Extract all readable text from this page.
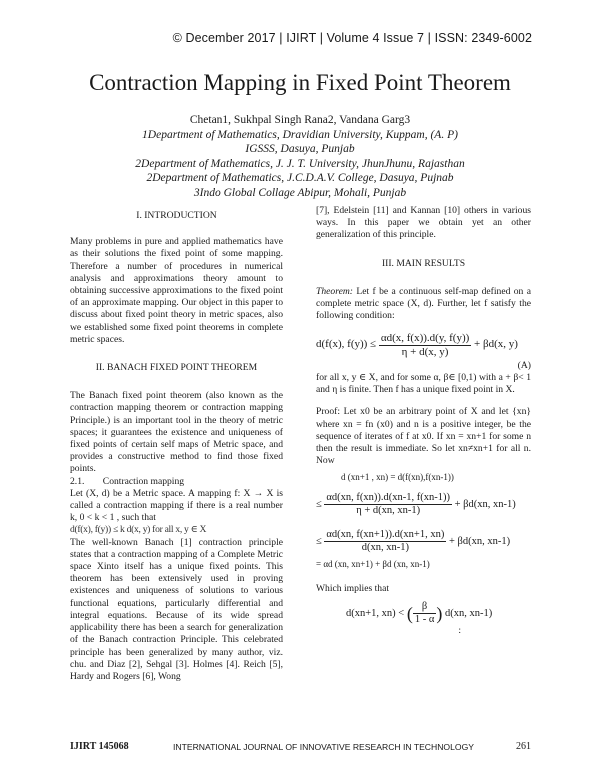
© December 2017 | IJIRT | Volume 4 Issue 7 | ISSN: 2349-6002
Contraction Mapping in Fixed Point Theorem
Chetan1, Sukhpal Singh Rana2, Vandana Garg3
1Department of Mathematics, Dravidian University, Kuppam, (A. P)
IGSSS, Dasuya, Punjab
2Department of Mathematics, J. J. T. University, JhunJhunu, Rajasthan
2Department of Mathematics, J.C.D.A.V. College, Dasuya, Pujnab
3Indo Global Collage Abipur, Mohali, Punjab

I. INTRODUCTION

Many problems in pure and applied mathematics have as their solutions the fixed point of some mapping. Therefore a number of procedures in numerical analysis and approximations theory amount to obtaining successive approximations to the fixed point of an approximate mapping. Our object in this paper to discuss about fixed point theory in metric spaces, also we established some fixed point theorems in complete metric spaces.

II. BANACH FIXED POINT THEOREM

The Banach fixed point theorem (also known as the contraction mapping theorem or contraction mapping Principle.) is an important tool in the theory of metric spaces; it guarantees the existence and uniqueness of fixed points of certain self maps of Metric space, and provides a constructive method to find those fixed points.

2.1. Contraction mapping

Let (X, d) be a Metric space. A mapping f: X → X is called a contraction mapping if there is a real number k, 0 < k < 1 , such that

d(f(x), f(y)) ≤ k d(x, y) for all x, y ∈ X

The well-known Banach [1] contraction principle states that a contraction mapping of a Complete Metric space Xinto itself has a unique fixed points. This theorem has been extensively used in proving existences and uniqueness of solutions to various functional equations, particularly differential and integral equations. Because of its wide spread applicability there has been a search for generalization of the Banach contraction Principle. This celebrated principle has been generalized by many author, viz. chu. and Diaz [2], Sehgal [3]. Holmes [4]. Reich [5], Hardy and Rogers [6], Wong

[7], Edelstein [11] and Kannan [10] others in various ways. In this paper we obtain yet an other generalization of this principle.

III. MAIN RESULTS

Theorem: Let f be a continuous self-map defined on a complete metric space (X, d). Further, let f satisfy the following condition:

d(f(x), $f(y)) \le \frac{\alpha d(x, f(x)).d(y, f(y))}{\eta + d(x, y)} + \beta d(x$, y)
(A)

for all x, y ∈ X, and for some α, β∈ [0,1) with a + β< 1 and η is finite. Then f has a unique fixed point in X.

Proof: Let x0 be an arbitrary point of X and let {xn} where xn = fn (x0) and n is a positive integer, be the sequence of iterates of f at x0. If xn = xn+1 for some n then the result is immediate. So let xn≠xn+1 for all n. Now

d (xn+1 , xn) = d(f(xn),f(xn-1))
≤ $\frac{\alpha d(xn, f(xn)).d(xn-1, f(xn-1))}{\eta + d(xn, xn-1)} + \beta d(xn$, xn-1)
≤ $\frac{\alpha d(xn, f(xn+1)).d(xn+1, xn)}{d(xn, xn-1)} + \beta d(xn$, xn-1)
= αd (xn, xn+1) + βd (xn, xn-1)

Which implies that

d(xn+1, xn) < ( $\frac{\beta}{1 - \alpha}$ ) d(xn, xn-1)
:
IJIRT 145068	INTERNATIONAL JOURNAL OF INNOVATIVE RESEARCH IN TECHNOLOGY	261
